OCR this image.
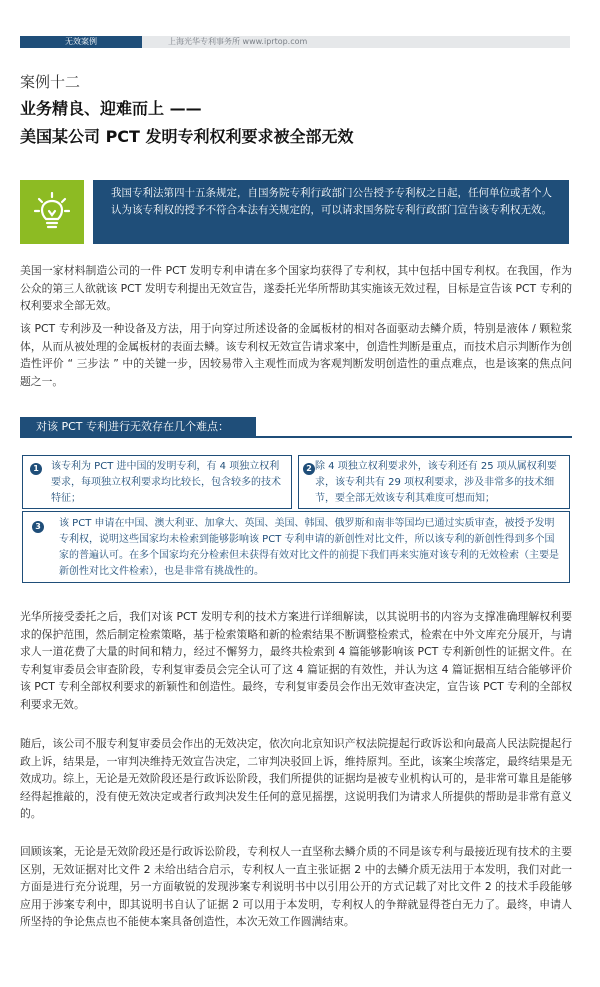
无效案例	上海光华专利事务所 www.iprtop.com
案例十二
业务精良、迎难而上 ——
美国某公司 PCT 发明专利权利要求被全部无效
我国专利法第四十五条规定，自国务院专利行政部门公告授予专利权之日起，任何单位或者个人认为该专利权的授予不符合本法有关规定的，可以请求国务院专利行政部门宣告该专利权无效。
美国一家材料制造公司的一件 PCT 发明专利申请在多个国家均获得了专利权，其中包括中国专利权。在我国，作为公众的第三人欲就该 PCT 发明专利提出无效宣告，遂委托光华所帮助其实施该无效过程，目标是宣告该 PCT 专利的权利要求全部无效。
该 PCT 专利涉及一种设备及方法，用于向穿过所述设备的金属板材的相对各面驱动去鳞介质，特别是液体 / 颗粒浆体，从而从被处理的金属板材的表面去鳞。该专利权无效宣告请求案中，创造性判断是重点，而技术启示判断作为创造性评价 “ 三步法 ” 中的关键一步，因较易带入主观性而成为客观判断发明创造性的重点难点，也是该案的焦点问题之一。
对该 PCT 专利进行无效存在几个难点：
1	该专利为 PCT 进中国的发明专利，有 4 项独立权利要求，每项独立权利要求均比较长，包含较多的技术特征；
2 除 4 项独立权利要求外，该专利还有 25 项从属权利要求，该专利共有 29 项权利要求，涉及非常多的技术细节，要全部无效该专利其难度可想而知；
3	该 PCT 申请在中国、澳大利亚、加拿大、英国、美国、韩国、俄罗斯和南非等国均已通过实质审查，被授予发明专利权，说明这些国家均未检索到能够影响该 PCT 专利申请的新创性对比文件，所以该专利的新创性得到多个国家的普遍认可。在多个国家均充分检索但未获得有效对比文件的前提下我们再来实施对该专利的无效检索（主要是新创性对比文件检索），也是非常有挑战性的。
光华所接受委托之后，我们对该 PCT 发明专利的技术方案进行详细解读，以其说明书的内容为支撑准确理解权利要求的保护范围，然后制定检索策略，基于检索策略和新的检索结果不断调整检索式，检索在中外文库充分展开，与请求人一道花费了大量的时间和精力，经过不懈努力，最终共检索到 4 篇能够影响该 PCT 专利新创性的证据文件。在专利复审委员会审查阶段，专利复审委员会完全认可了这 4 篇证据的有效性，并认为这 4 篇证据相互结合能够评价该 PCT 专利全部权利要求的新颖性和创造性。最终，专利复审委员会作出无效审查决定，宣告该 PCT 专利的全部权利要求无效。
随后，该公司不服专利复审委员会作出的无效决定，依次向北京知识产权法院提起行政诉讼和向最高人民法院提起行政上诉，结果是，一审判决维持无效宣告决定，二审判决驳回上诉，维持原判。至此，该案尘埃落定，最终结果是无效成功。综上，无论是无效阶段还是行政诉讼阶段，我们所提供的证据均是被专业机构认可的，是非常可靠且是能够经得起推敲的，没有使无效决定或者行政判决发生任何的意见摇摆，这说明我们为请求人所提供的帮助是非常有意义的。
回顾该案，无论是无效阶段还是行政诉讼阶段，专利权人一直坚称去鳞介质的不同是该专利与最接近现有技术的主要区别，无效证据对比文件 2 未给出结合启示，专利权人一直主张证据 2 中的去鳞介质无法用于本发明，我们对此一方面是进行充分说理，另一方面敏锐的发现涉案专利说明书中以引用公开的方式记载了对比文件 2 的技术手段能够应用于涉案专利中，即其说明书自认了证据 2 可以用于本发明，专利权人的争辩就显得苍白无力了。最终，申请人所坚持的争论焦点也不能使本案具备创造性，本次无效工作圆满结束。
